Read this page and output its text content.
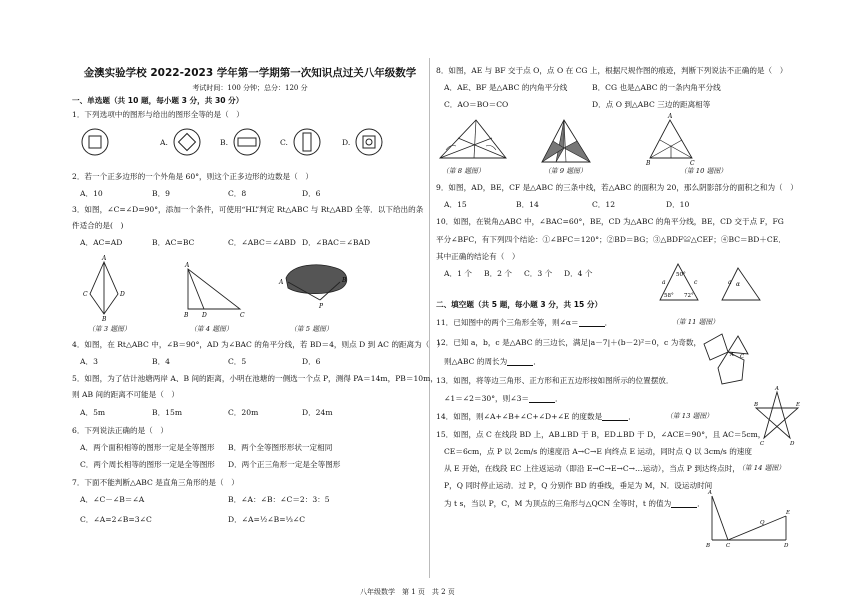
金澳实验学校 2022-2023 学年第一学期第一次知识点过关八年级数学
考试时间：100 分钟；总分：120 分
一、单选题（共 10 题，每小题 3 分，共 30 分）
1．下列选项中的图形与给出的图形全等的是（　）
A.	B.	C.	D.
2．若一个正多边形的一个外角是 60°，则这个正多边形的边数是（　）
A．10	B．9	C．8	D．6
3．如图，∠C=∠D=90°，添加一个条件，可使用“HL”判定 Rt△ABC 与 Rt△ABD 全等．以下给出的条
件适合的是(　)
A．AC=AD	B．AC=BC	C．∠ABC＝∠ABD D．∠BAC＝∠BAD
A
C	D
B
（第 3 题图）
A
B D	C
（第 4 题图）
A	B
P
（第 5 题图）
4．如图，在 Rt△ABC 中，∠B＝90°，AD 为∠BAC 的角平分线，若 BD＝4，则点 D 到 AC 的距离为（　）
A．3	B．4	C．5	D．6
5．如图，为了估计池塘两岸 A、B 间的距离，小明在池塘的一侧选一个点 P，测得 PA＝14m，PB＝10m，
则 AB 间的距离不可能是（　）
A．5m	B．15m	C．20m	D．24m
6．下列说法正确的是（　）
A．两个面积相等的图形一定是全等图形 B．两个全等图形形状一定相同
C．两个周长相等的图形一定是全等图形 D．两个正三角形一定是全等图形
7．下面不能判断△ABC 是直角三角形的是（　）
A．∠C－∠B＝∠A	B．∠A：∠B：∠C＝2：3：5
C．∠A=2∠B=3∠C	D．∠A=½∠B=⅓∠C
8．如图，AE 与 BF 交于点 O，点 O 在 CG 上，根据尺规作图的痕迹，判断下列说法不正确的是（　）
A．AE、BF 是△ABC 的内角平分线	B．CG 也是△ABC 的一条内角平分线
C．AO＝BO＝CO	D．点 O 到△ABC 三边的距离相等
（第 8 题图）	（第 9 题图）
A
B	C
（第 10 题图）
9．如图，AD，BE，CF 是△ABC 的三条中线，若△ABC 的面积为 20，那么阴影部分的面积之和为（　）
A．15	B．14	C．12	D．10
10．如图，在锐角△ABC 中，∠BAC=60°，BE，CD 为△ABC 的角平分线，BE，CD 交于点 F，FG
平分∠BFC，有下列四个结论：①∠BFC＝120°；②BD＝BG；③△BDF≌△CEF；④BC＝BD＋CE．
其中正确的结论有（　）
A．1 个 B．2 个 C．3 个 D．4 个	50°
58° 72°
a	c	α
a
二、填空题（共 5 题，每小题 3 分，共 15 分）
11．已知图中的两个三角形全等，则∠α＝	．	（第 11 题图）
12．已知 a，b，c 是△ABC 的三边长，满足|a－7|＋(b－2)²＝0，c 为奇数，
则△ABC 的周长为	．
A C
13．如图，将等边三角形、正方形和正五边形按如图所示的位置摆放．
∠1＝∠2＝30°，则∠3＝	．
14．如图，则∠A+∠B+∠C+∠D+∠E 的度数是	．	（第 13 题图）
A
B	E
C	D
15．如图，点 C 在线段 BD 上，AB⊥BD 于 B，ED⊥BD 于 D，∠ACE＝90°，且 AC＝5cm，
CE＝6cm，点 P 以 2cm/s 的速度沿 A→C→E 向终点 E 运动，同时点 Q 以 3cm/s 的速度
从 E 开始，在线段 EC 上往返运动（即沿 E→C→E→C→…运动），当点 P 到达终点时，
（第 14 题图）
P，Q 同时停止运动．过 P，Q 分别作 BD 的垂线，垂足为 M，N．设运动时间
为 t s，当以 P，C，M 为顶点的三角形与△QCN 全等时，t 的值为	．
A
B	C	D
E
Q
八年级数学　第 1 页　共 2 页
